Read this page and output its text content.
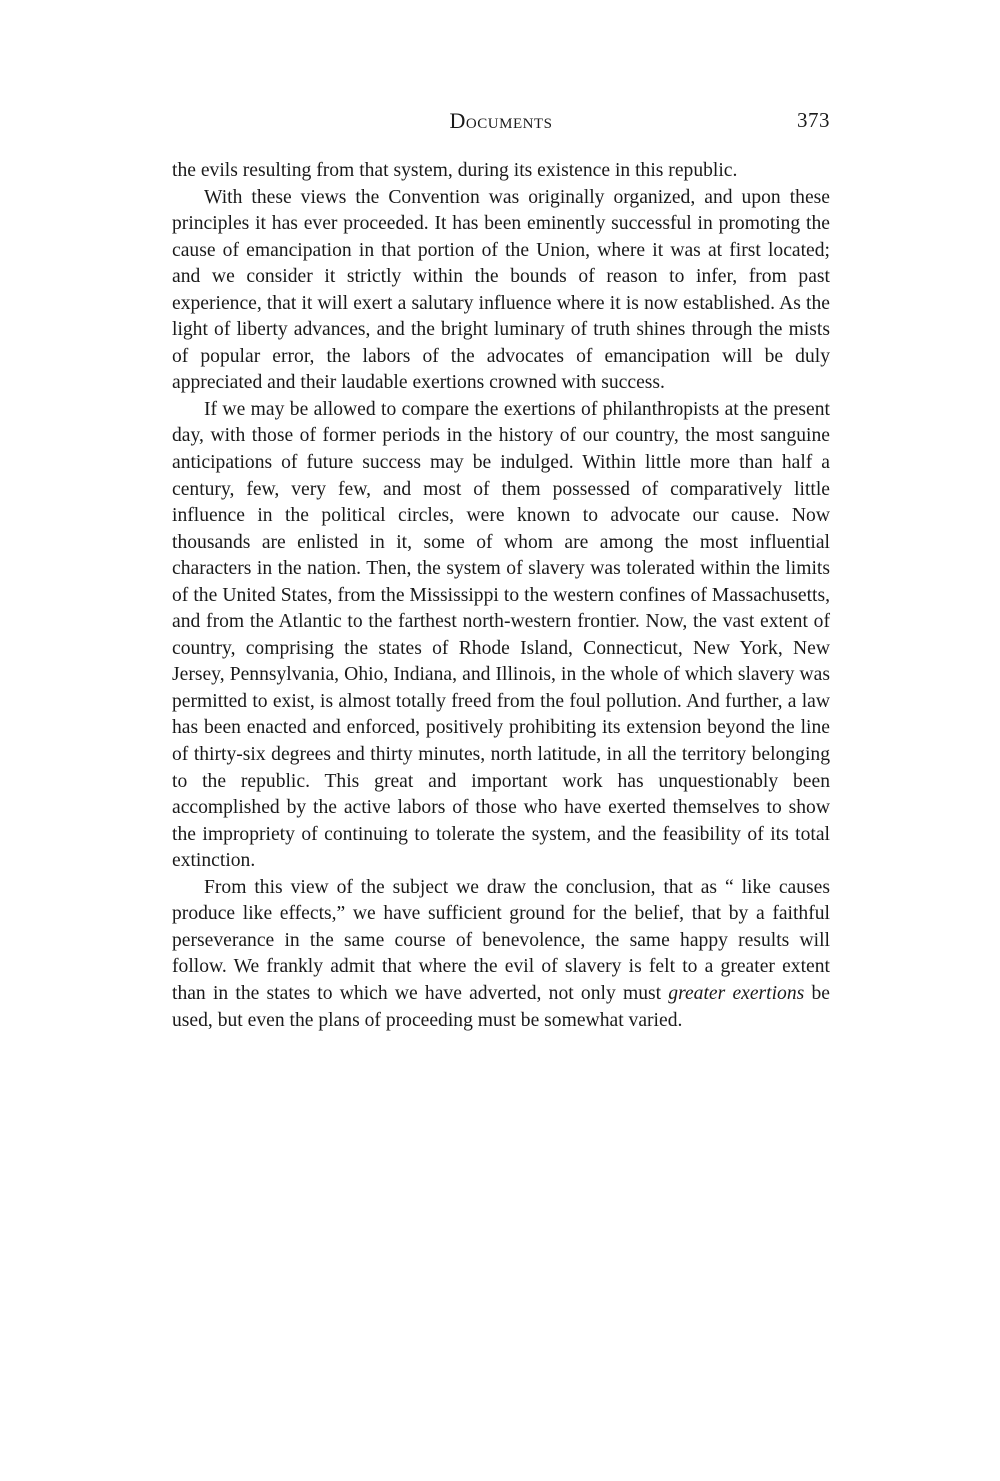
Documents	373

the evils resulting from that system, during its existence in this republic.

With these views the Convention was originally organized, and upon these principles it has ever proceeded. It has been eminently successful in promoting the cause of emancipation in that portion of the Union, where it was at first located; and we consider it strictly within the bounds of reason to infer, from past experience, that it will exert a salutary influence where it is now established. As the light of liberty advances, and the bright luminary of truth shines through the mists of popular error, the labors of the advocates of emancipation will be duly appreciated and their laudable exertions crowned with success.

If we may be allowed to compare the exertions of philanthropists at the present day, with those of former periods in the history of our country, the most sanguine anticipations of future success may be indulged. Within little more than half a century, few, very few, and most of them possessed of comparatively little influence in the political circles, were known to advocate our cause. Now thousands are enlisted in it, some of whom are among the most influential characters in the nation. Then, the system of slavery was tolerated within the limits of the United States, from the Mississippi to the western confines of Massachusetts, and from the Atlantic to the farthest north-western frontier. Now, the vast extent of country, comprising the states of Rhode Island, Connecticut, New York, New Jersey, Pennsylvania, Ohio, Indiana, and Illinois, in the whole of which slavery was permitted to exist, is almost totally freed from the foul pollution. And further, a law has been enacted and enforced, positively prohibiting its extension beyond the line of thirty-six degrees and thirty minutes, north latitude, in all the territory belonging to the republic. This great and important work has unquestionably been accomplished by the active labors of those who have exerted themselves to show the impropriety of continuing to tolerate the system, and the feasibility of its total extinction.

From this view of the subject we draw the conclusion, that as “ like causes produce like effects,” we have sufficient ground for the belief, that by a faithful perseverance in the same course of benevolence, the same happy results will follow. We frankly admit that where the evil of slavery is felt to a greater extent than in the states to which we have adverted, not only must greater exertions be used, but even the plans of proceeding must be somewhat varied.
